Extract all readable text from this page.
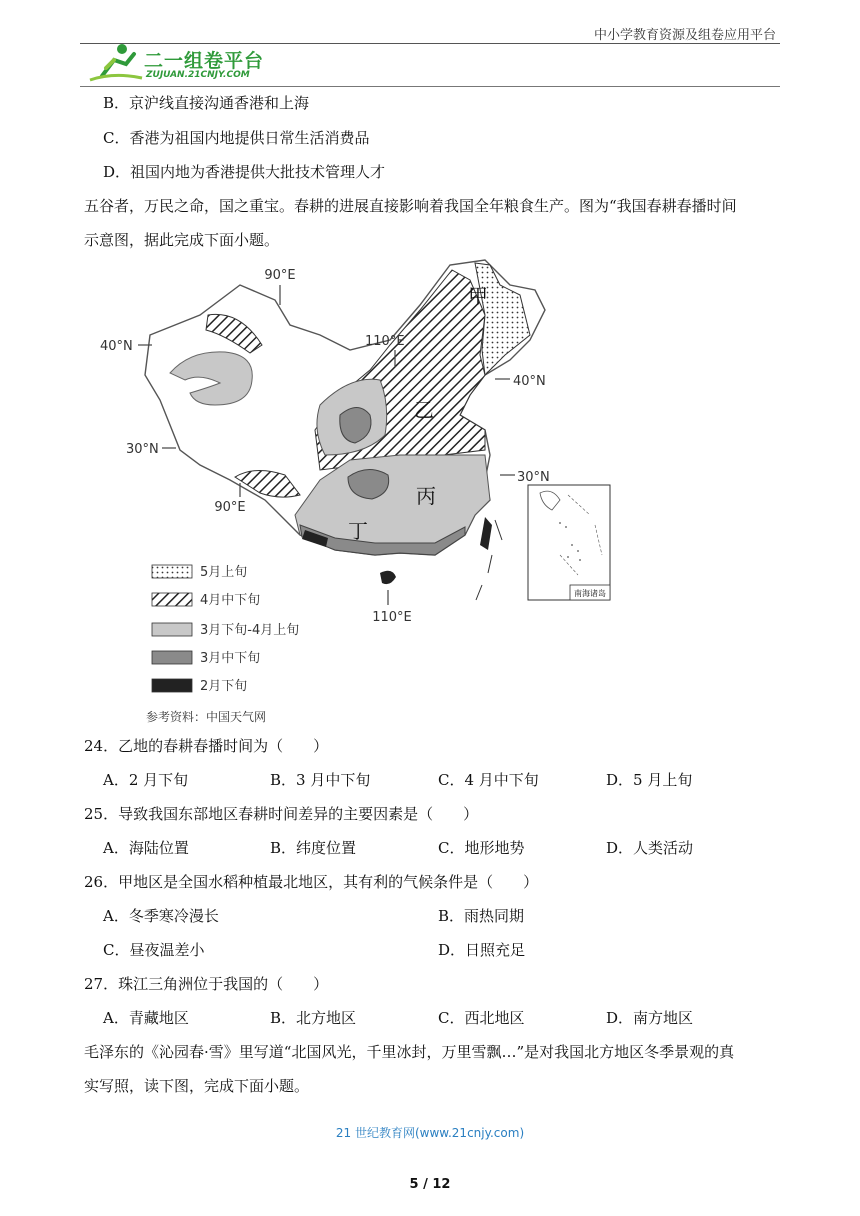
中小学教育资源及组卷应用平台
二一组卷平台
ZUJUAN.21CNJY.COM
B．京沪线直接沟通香港和上海
C．香港为祖国内地提供日常生活消费品
D．祖国内地为香港提供大批技术管理人才
五谷者，万民之命，国之重宝。春耕的进展直接影响着我国全年粮食生产。图为“我国春耕春播时间
示意图，据此完成下面小题。
90°E
40°N	110°E
40°N
30°N
30°N
90°E
110°E
甲
乙
丙
丁
南海诸岛
5月上旬
4月中下旬
3月下旬-4月上旬
3月中下旬
2月下旬
参考资料：中国天气网
24．乙地的春耕春播时间为（　　）
A．2 月下旬	B．3 月中下旬	C．4 月中下旬	D．5 月上旬
25．导致我国东部地区春耕时间差异的主要因素是（　　）
A．海陆位置	B．纬度位置	C．地形地势	D．人类活动
26．甲地区是全国水稻种植最北地区，其有利的气候条件是（　　）
A．冬季寒冷漫长	B．雨热同期
C．昼夜温差小	D．日照充足
27．珠江三角洲位于我国的（　　）
A．青藏地区	B．北方地区	C．西北地区	D．南方地区
毛泽东的《沁园春·雪》里写道“北国风光，千里冰封，万里雪飘…”是对我国北方地区冬季景观的真
实写照，读下图，完成下面小题。
21 世纪教育网(www.21cnjy.com)
5 / 12
